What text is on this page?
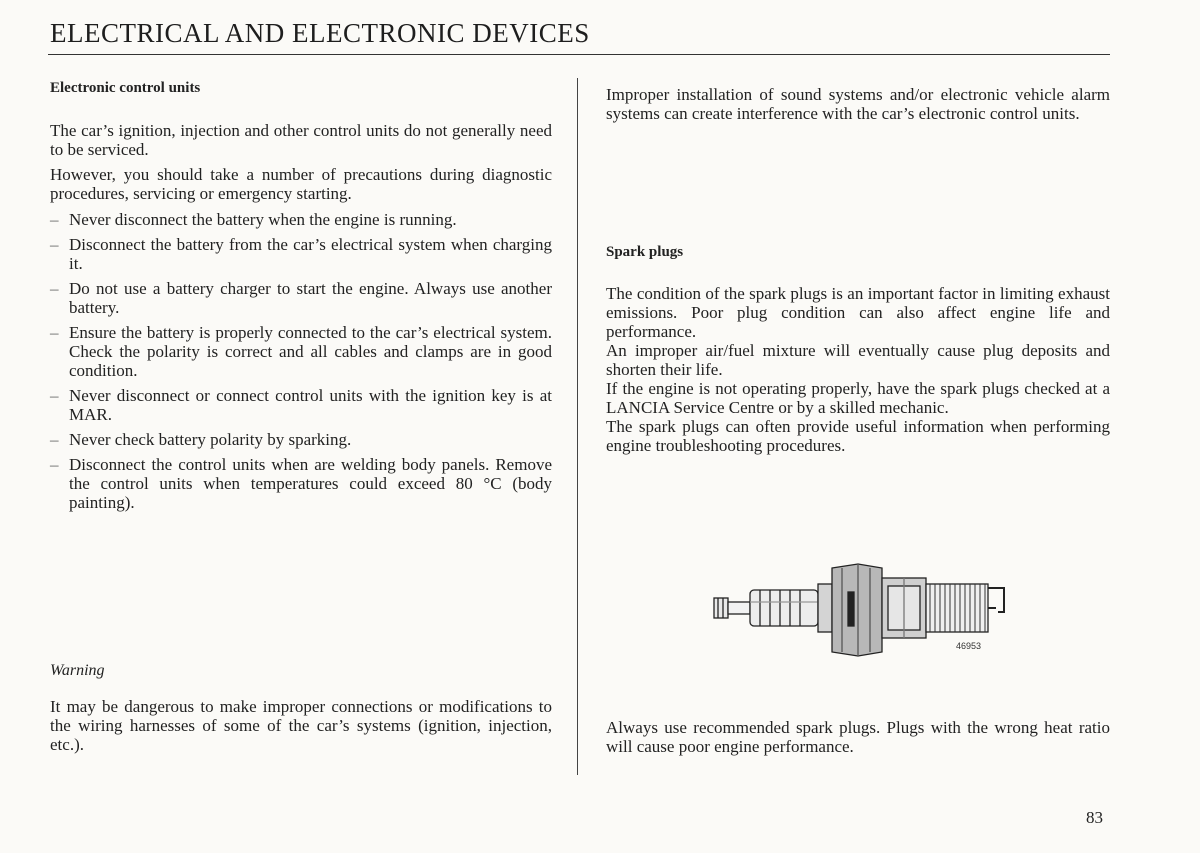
ELECTRICAL AND ELECTRONIC DEVICES

Electronic control units

The car’s ignition, injection and other control units do not generally need to be serviced.

However, you should take a number of precautions during diagnostic procedures, servicing or emergency starting.

– Never disconnect the battery when the engine is running.
– Disconnect the battery from the car’s electrical system when charging it.
– Do not use a battery charger to start the engine. Always use another battery.
– Ensure the battery is properly connected to the car’s electrical system. Check the polarity is correct and all cables and clamps are in good condition.
– Never disconnect or connect control units with the ignition key is at MAR.
– Never check battery polarity by sparking.
– Disconnect the control units when are welding body panels. Remove the control units when temperatures could exceed 80 °C (body painting).

Warning

It may be dangerous to make improper connections or modifications to the wiring harnesses of some of the car’s systems (ignition, injection, etc.).

Improper installation of sound systems and/or electronic vehicle alarm systems can create interference with the car’s electronic control units.

Spark plugs

The condition of the spark plugs is an important factor in limiting exhaust emissions. Poor plug condition can also affect engine life and performance.

An improper air/fuel mixture will eventually cause plug deposits and shorten their life.

If the engine is not operating properly, have the spark plugs checked at a LANCIA Service Centre or by a skilled mechanic.

The spark plugs can often provide useful information when performing engine troubleshooting procedures.

46953

Always use recommended spark plugs. Plugs with the wrong heat ratio will cause poor engine performance.

83
